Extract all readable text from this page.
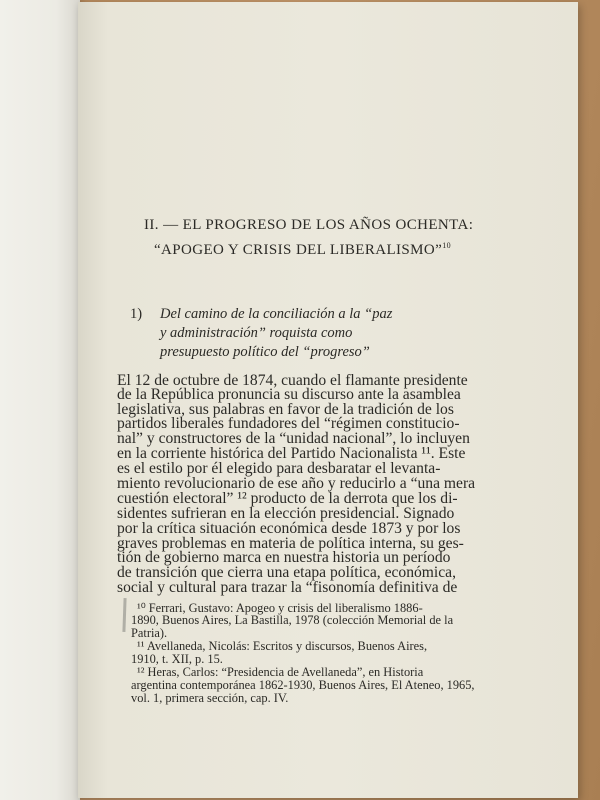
II. — EL PROGRESO DE LOS AÑOS OCHENTA:
“APOGEO Y CRISIS DEL LIBERALISMO”$^{10}$
1) Del camino de la conciliación a la “paz
y administración” roquista como
presupuesto político del “progreso”
El 12 de octubre de 1874, cuando el flamante presidente
de la República pronuncia su discurso ante la asamblea
legislativa, sus palabras en favor de la tradición de los
partidos liberales fundadores del “régimen constitucio-
nal” y constructores de la “unidad nacional”, lo incluyen
en la corriente histórica del Partido Nacionalista ¹¹. Este
es el estilo por él elegido para desbaratar el levanta-
miento revolucionario de ese año y reducirlo a “una mera
cuestión electoral” ¹² producto de la derrota que los di-
sidentes sufrieran en la elección presidencial. Signado
por la crítica situación económica desde 1873 y por los
graves problemas en materia de política interna, su ges-
tión de gobierno marca en nuestra historia un período
de transición que cierra una etapa política, económica,
social y cultural para trazar la “fisonomía definitiva de
¹⁰ Ferrari, Gustavo: Apogeo y crisis del liberalismo 1886-
1890, Buenos Aires, La Bastilla, 1978 (colección Memorial de la
Patria).
¹¹ Avellaneda, Nicolás: Escritos y discursos, Buenos Aires,
1910, t. XII, p. 15.
¹² Heras, Carlos: “Presidencia de Avellaneda”, en Historia
argentina contemporánea 1862-1930, Buenos Aires, El Ateneo, 1965,
vol. 1, primera sección, cap. IV.
